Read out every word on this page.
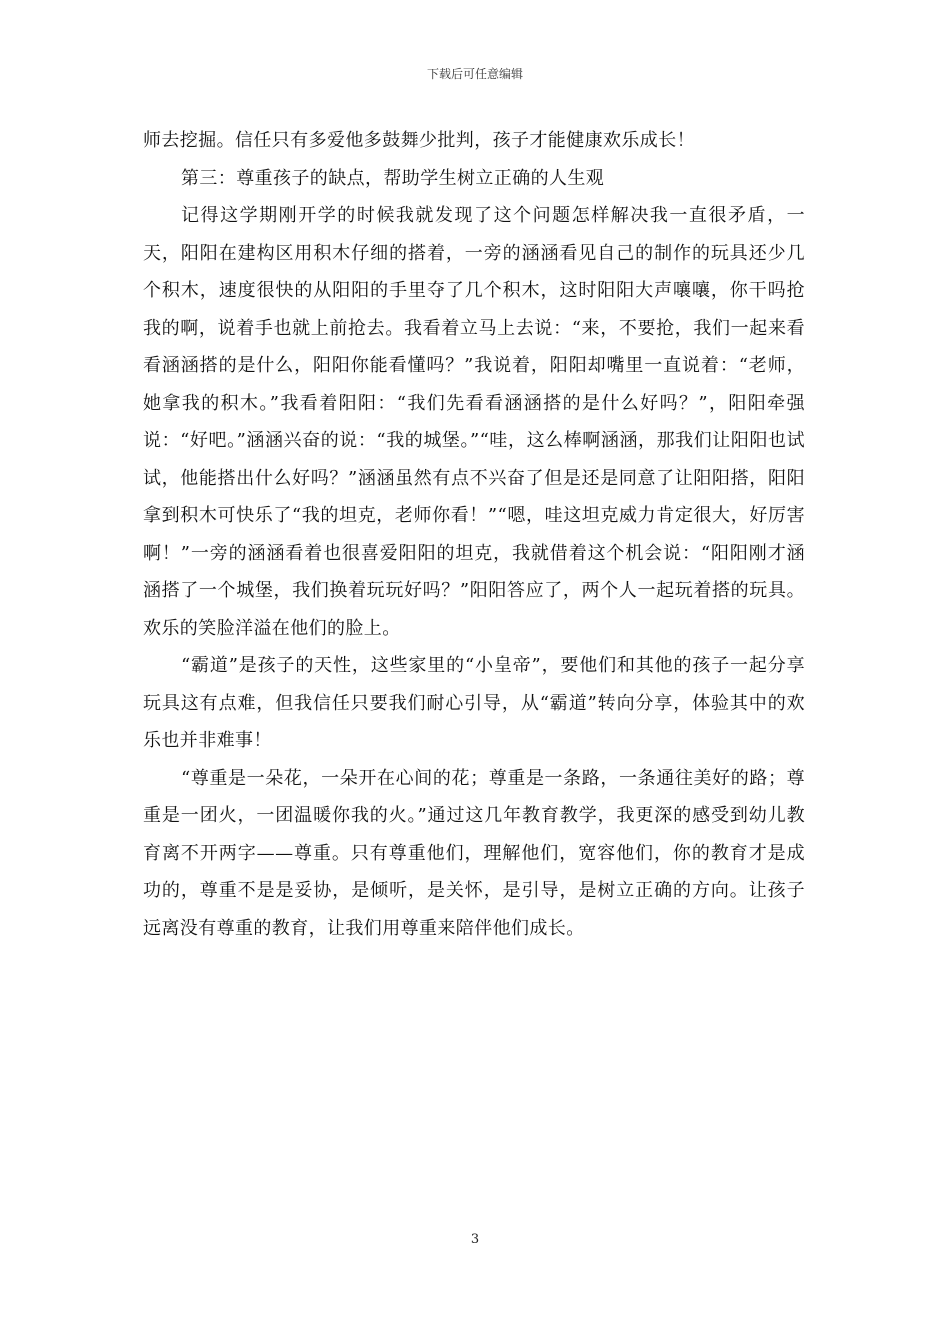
下载后可任意编辑

师去挖掘。信任只有多爱他多鼓舞少批判，孩子才能健康欢乐成长！

第三：尊重孩子的缺点，帮助学生树立正确的人生观

记得这学期刚开学的时候我就发现了这个问题怎样解决我一直很矛盾，一天，阳阳在建构区用积木仔细的搭着，一旁的涵涵看见自己的制作的玩具还少几个积木，速度很快的从阳阳的手里夺了几个积木，这时阳阳大声嚷嚷，你干吗抢我的啊，说着手也就上前抢去。我看着立马上去说：“来，不要抢，我们一起来看看涵涵搭的是什么，阳阳你能看懂吗？”我说着，阳阳却嘴里一直说着：“老师，她拿我的积木。”我看着阳阳：“我们先看看涵涵搭的是什么好吗？”，阳阳牵强说：“好吧。”涵涵兴奋的说：“我的城堡。”“哇，这么棒啊涵涵，那我们让阳阳也试试，他能搭出什么好吗？”涵涵虽然有点不兴奋了但是还是同意了让阳阳搭，阳阳拿到积木可快乐了“我的坦克，老师你看！”“嗯，哇这坦克威力肯定很大，好厉害啊！”一旁的涵涵看着也很喜爱阳阳的坦克，我就借着这个机会说：“阳阳刚才涵涵搭了一个城堡，我们换着玩玩好吗？”阳阳答应了，两个人一起玩着搭的玩具。欢乐的笑脸洋溢在他们的脸上。

“霸道”是孩子的天性，这些家里的“小皇帝”，要他们和其他的孩子一起分享玩具这有点难，但我信任只要我们耐心引导，从“霸道”转向分享，体验其中的欢乐也并非难事！

“尊重是一朵花，一朵开在心间的花；尊重是一条路，一条通往美好的路；尊重是一团火，一团温暖你我的火。”通过这几年教育教学，我更深的感受到幼儿教育离不开两字——尊重。只有尊重他们，理解他们，宽容他们，你的教育才是成功的，尊重不是是妥协，是倾听，是关怀，是引导，是树立正确的方向。让孩子远离没有尊重的教育，让我们用尊重来陪伴他们成长。

3
